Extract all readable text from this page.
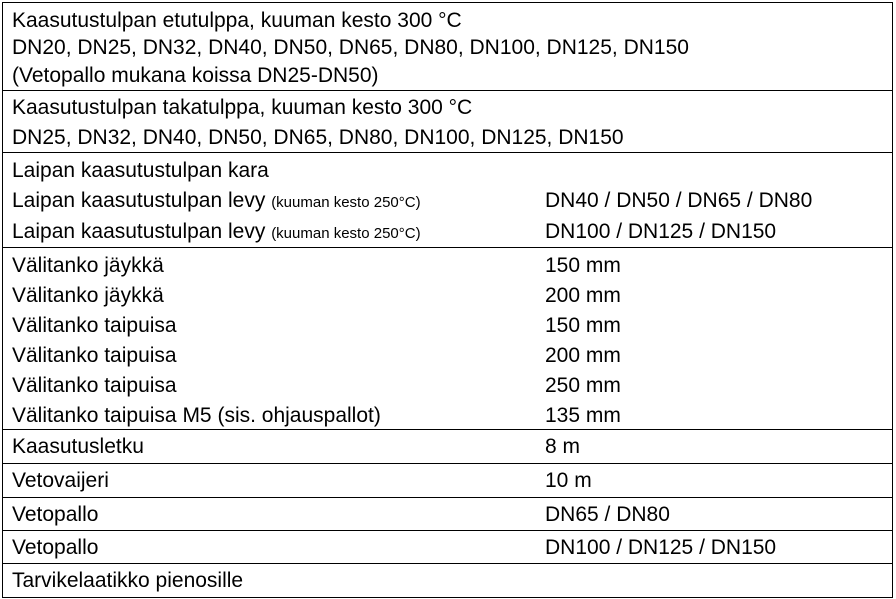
Kaasutustulpan etutulppa, kuuman kesto 300 °C
DN20, DN25, DN32, DN40, DN50, DN65, DN80, DN100, DN125, DN150
(Vetopallo mukana koissa DN25-DN50)
Kaasutustulpan takatulppa, kuuman kesto 300 °C
DN25, DN32, DN40, DN50, DN65, DN80, DN100, DN125, DN150
Laipan kaasutustulpan kara
Laipan kaasutustulpan levy (kuuman kesto 250°C)	DN40 / DN50 / DN65 / DN80
Laipan kaasutustulpan levy (kuuman kesto 250°C)	DN100 / DN125 / DN150
Välitanko jäykkä	150 mm
Välitanko jäykkä	200 mm
Välitanko taipuisa	150 mm
Välitanko taipuisa	200 mm
Välitanko taipuisa	250 mm
Välitanko taipuisa M5 (sis. ohjauspallot)	135 mm
Kaasutusletku	8 m
Vetovaijeri	10 m
Vetopallo	DN65 / DN80
Vetopallo	DN100 / DN125 / DN150
Tarvikelaatikko pienosille
